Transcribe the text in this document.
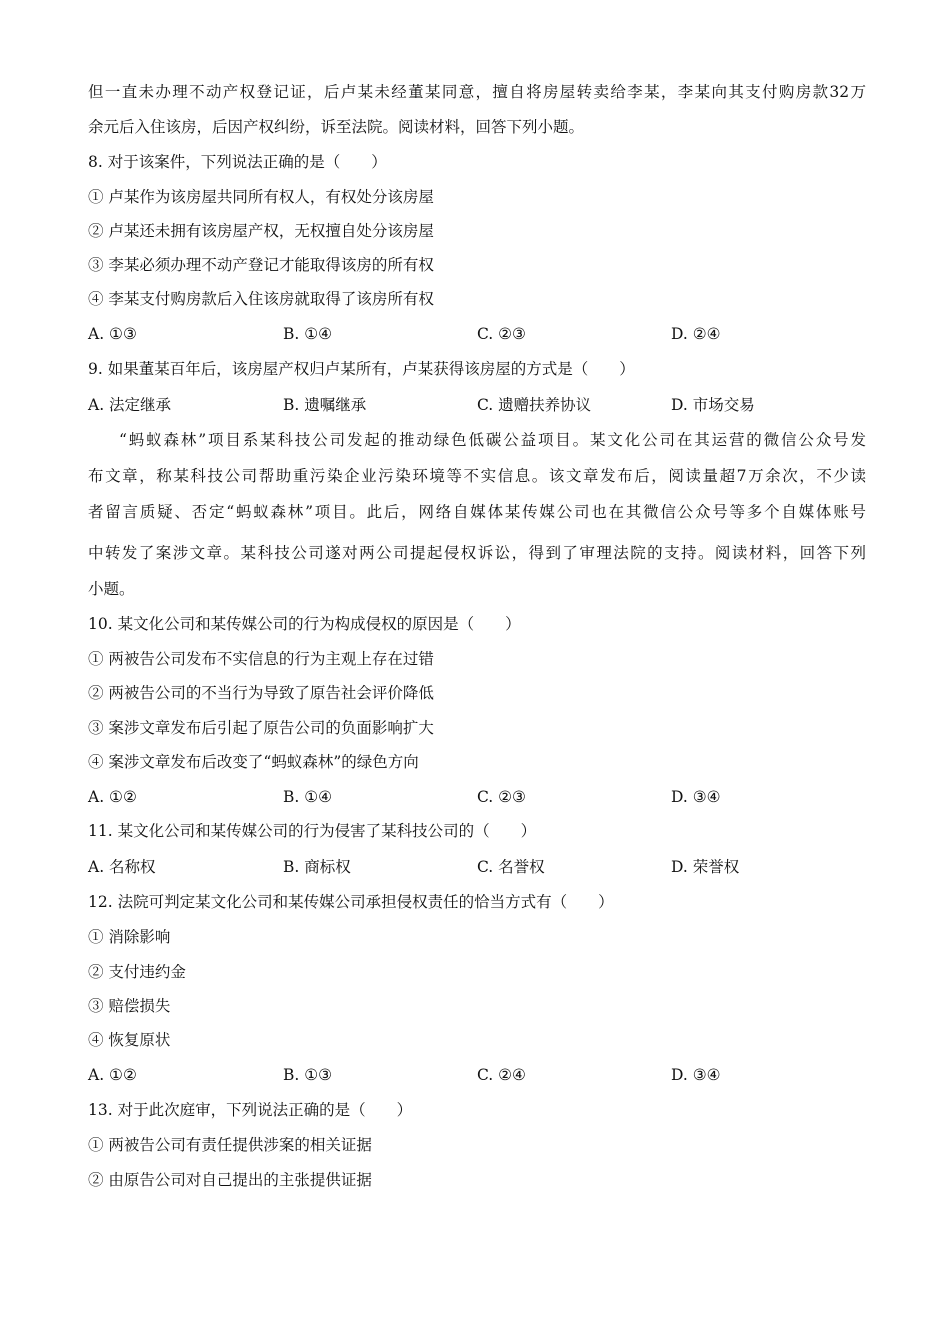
但一直未办理不动产权登记证，后卢某未经董某同意，擅自将房屋转卖给李某，李某向其支付购房款32万
余元后入住该房，后因产权纠纷，诉至法院。阅读材料，回答下列小题。
8. 对于该案件，下列说法正确的是（　　）
① 卢某作为该房屋共同所有权人，有权处分该房屋
② 卢某还未拥有该房屋产权，无权擅自处分该房屋
③ 李某必须办理不动产登记才能取得该房的所有权
④ 李某支付购房款后入住该房就取得了该房所有权
A. ①③	B. ①④	C. ②③	D. ②④
9. 如果董某百年后，该房屋产权归卢某所有，卢某获得该房屋的方式是（　　）
A. 法定继承	B. 遗嘱继承	C. 遗赠扶养协议	D. 市场交易
“蚂蚁森林”项目系某科技公司发起的推动绿色低碳公益项目。某文化公司在其运营的微信公众号发
布文章，称某科技公司帮助重污染企业污染环境等不实信息。该文章发布后，阅读量超7万余次，不少读
者留言质疑、否定“蚂蚁森林”项目。此后，网络自媒体某传媒公司也在其微信公众号等多个自媒体账号
中转发了案涉文章。某科技公司遂对两公司提起侵权诉讼，得到了审理法院的支持。阅读材料，回答下列
小题。
10. 某文化公司和某传媒公司的行为构成侵权的原因是（　　）
① 两被告公司发布不实信息的行为主观上存在过错
② 两被告公司的不当行为导致了原告社会评价降低
③ 案涉文章发布后引起了原告公司的负面影响扩大
④ 案涉文章发布后改变了“蚂蚁森林”的绿色方向
A. ①②	B. ①④	C. ②③	D. ③④
11. 某文化公司和某传媒公司的行为侵害了某科技公司的（　　）
A. 名称权	B. 商标权	C. 名誉权	D. 荣誉权
12. 法院可判定某文化公司和某传媒公司承担侵权责任的恰当方式有（　　）
① 消除影响
② 支付违约金
③ 赔偿损失
④ 恢复原状
A. ①②	B. ①③	C. ②④	D. ③④
13. 对于此次庭审，下列说法正确的是（　　）
① 两被告公司有责任提供涉案的相关证据
② 由原告公司对自己提出的主张提供证据
